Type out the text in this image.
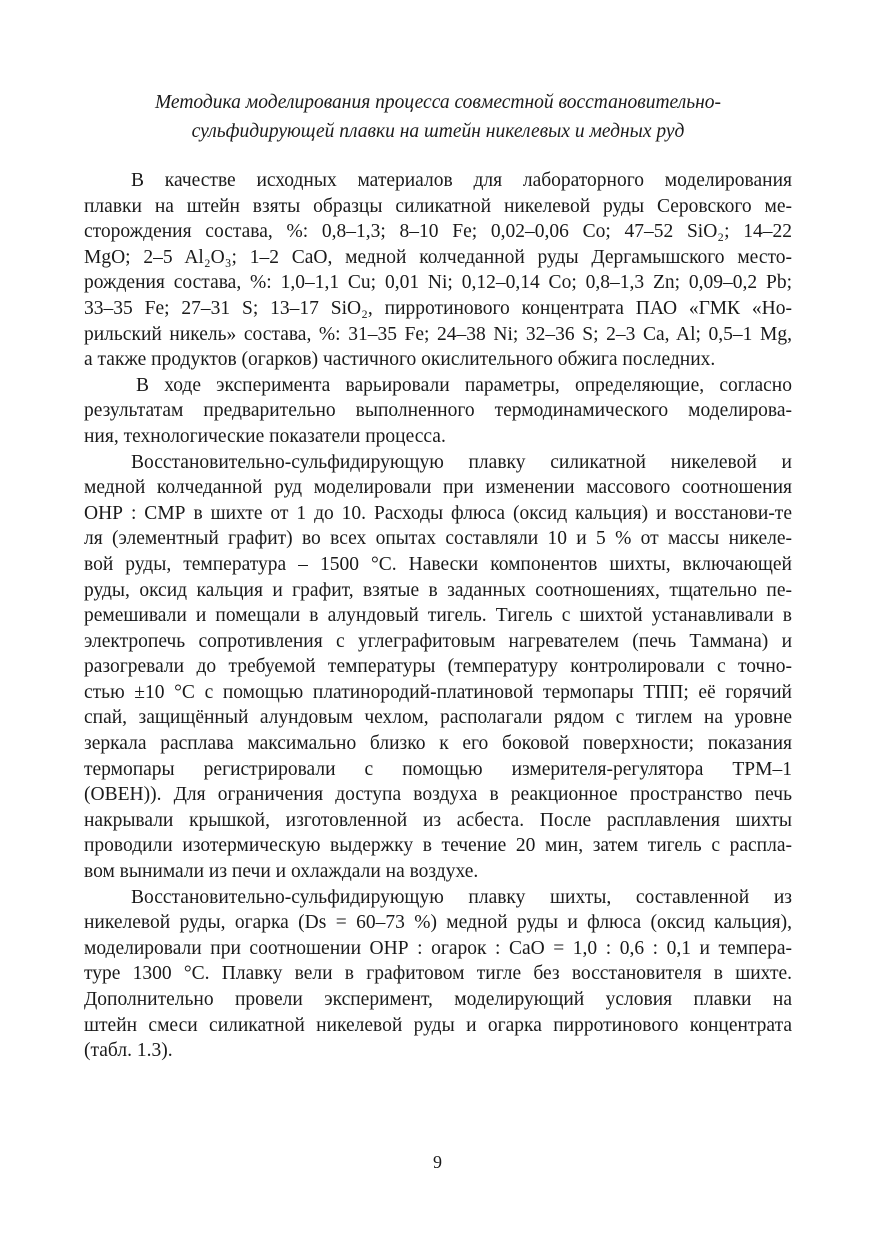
Методика моделирования процесса совместной восстановительно-
сульфидирующей плавки на штейн никелевых и медных руд
В качестве исходных материалов для лабораторного моделирования
плавки на штейн взяты образцы силикатной никелевой руды Серовского ме-
сторождения состава, %: 0,8–1,3; 8–10 Fe; 0,02–0,06 Co; 47–52 SiO₂; 14–22
MgO; 2–5 Al₂O₃; 1–2 CaO, медной колчеданной руды Дергамышского место-
рождения состава, %: 1,0–1,1 Cu; 0,01 Ni; 0,12–0,14 Co; 0,8–1,3 Zn; 0,09–0,2 Pb;
33–35 Fe; 27–31 S; 13–17 SiO₂, пирротинового концентрата ПАО «ГМК «Но-
рильский никель» состава, %: 31–35 Fe; 24–38 Ni; 32–36 S; 2–3 Ca, Al; 0,5–1 Mg,
а также продуктов (огарков) частичного окислительного обжига последних.
В ходе эксперимента варьировали параметры, определяющие, согласно
результатам предварительно выполненного термодинамического моделирова-
ния, технологические показатели процесса.
Восстановительно-сульфидирующую плавку силикатной никелевой и
медной колчеданной руд моделировали при изменении массового соотношения
ОНР : СМР в шихте от 1 до 10. Расходы флюса (оксид кальция) и восстанови-те
ля (элементный графит) во всех опытах составляли 10 и 5 % от массы никеле-
вой руды, температура – 1500 °С. Навески компонентов шихты, включающей
руды, оксид кальция и графит, взятые в заданных соотношениях, тщательно пе-
ремешивали и помещали в алундовый тигель. Тигель с шихтой устанавливали в
электропечь сопротивления с углеграфитовым нагревателем (печь Таммана) и
разогревали до требуемой температуры (температуру контролировали с точно-
стью ±10 °С с помощью платинородий-платиновой термопары ТПП; её горячий
спай, защищённый алундовым чехлом, располагали рядом с тиглем на уровне
зеркала расплава максимально близко к его боковой поверхности; показания
термопары регистрировали с помощью измерителя-регулятора ТРМ–1
(ОВЕН)). Для ограничения доступа воздуха в реакционное пространство печь
накрывали крышкой, изготовленной из асбеста. После расплавления шихты
проводили изотермическую выдержку в течение 20 мин, затем тигель с распла-
вом вынимали из печи и охлаждали на воздухе.
Восстановительно-сульфидирующую плавку шихты, составленной из
никелевой руды, огарка (Ds = 60–73 %) медной руды и флюса (оксид кальция),
моделировали при соотношении ОНР : огарок : CaO = 1,0 : 0,6 : 0,1 и темпера-
туре 1300 °С. Плавку вели в графитовом тигле без восстановителя в шихте.
Дополнительно провели эксперимент, моделирующий условия плавки на
штейн смеси силикатной никелевой руды и огарка пирротинового концентрата
(табл. 1.3).
9
